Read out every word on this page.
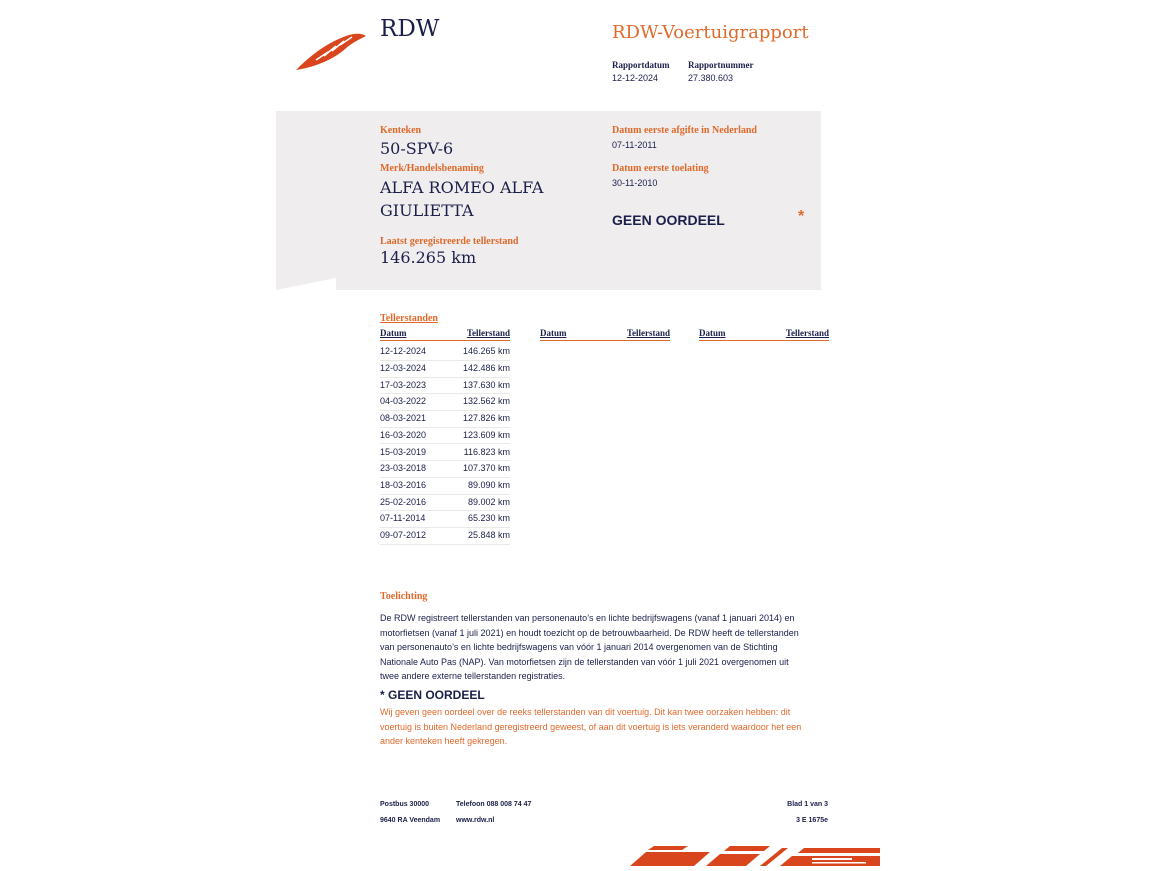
RDW	RDW-Voertuigrapport
Rapportdatum Rapportnummer
12-12-2024	27.380.603
Kenteken
50-SPV-6
Merk/Handelsbenaming
ALFA ROMEO ALFA
GIULIETTA
Laatst geregistreerde tellerstand
146.265 km
Datum eerste afgifte in Nederland
07-11-2011
Datum eerste toelating
30-11-2010
GEEN OORDEEL	*
Tellerstanden
Datum	Tellerstand	Datum	Tellerstand	Datum	Tellerstand
12-12-2024	146.265 km
12-03-2024	142.486 km
17-03-2023	137.630 km
04-03-2022	132.562 km
08-03-2021	127.826 km
16-03-2020	123.609 km
15-03-2019	116.823 km
23-03-2018	107.370 km
18-03-2016	89.090 km
25-02-2016	89.002 km
07-11-2014	65.230 km
09-07-2012	25.848 km
Toelichting
De RDW registreert tellerstanden van personenauto’s en lichte bedrijfswagens (vanaf 1 januari 2014) en
motorfietsen (vanaf 1 juli 2021) en houdt toezicht op de betrouwbaarheid. De RDW heeft de tellerstanden
van personenauto’s en lichte bedrijfswagens van vóór 1 januari 2014 overgenomen van de Stichting
Nationale Auto Pas (NAP). Van motorfietsen zijn de tellerstanden van vóór 1 juli 2021 overgenomen uit
twee andere externe tellerstanden registraties.
* GEEN OORDEEL
Wij geven geen oordeel over de reeks tellerstanden van dit voertuig. Dit kan twee oorzaken hebben: dit
voertuig is buiten Nederland geregistreerd geweest, of aan dit voertuig is iets veranderd waardoor het een
ander kenteken heeft gekregen.
Postbus 30000
9640 RA Veendam
Telefoon 088 008 74 47
www.rdw.nl
Blad 1 van 3
3 E 1675e
